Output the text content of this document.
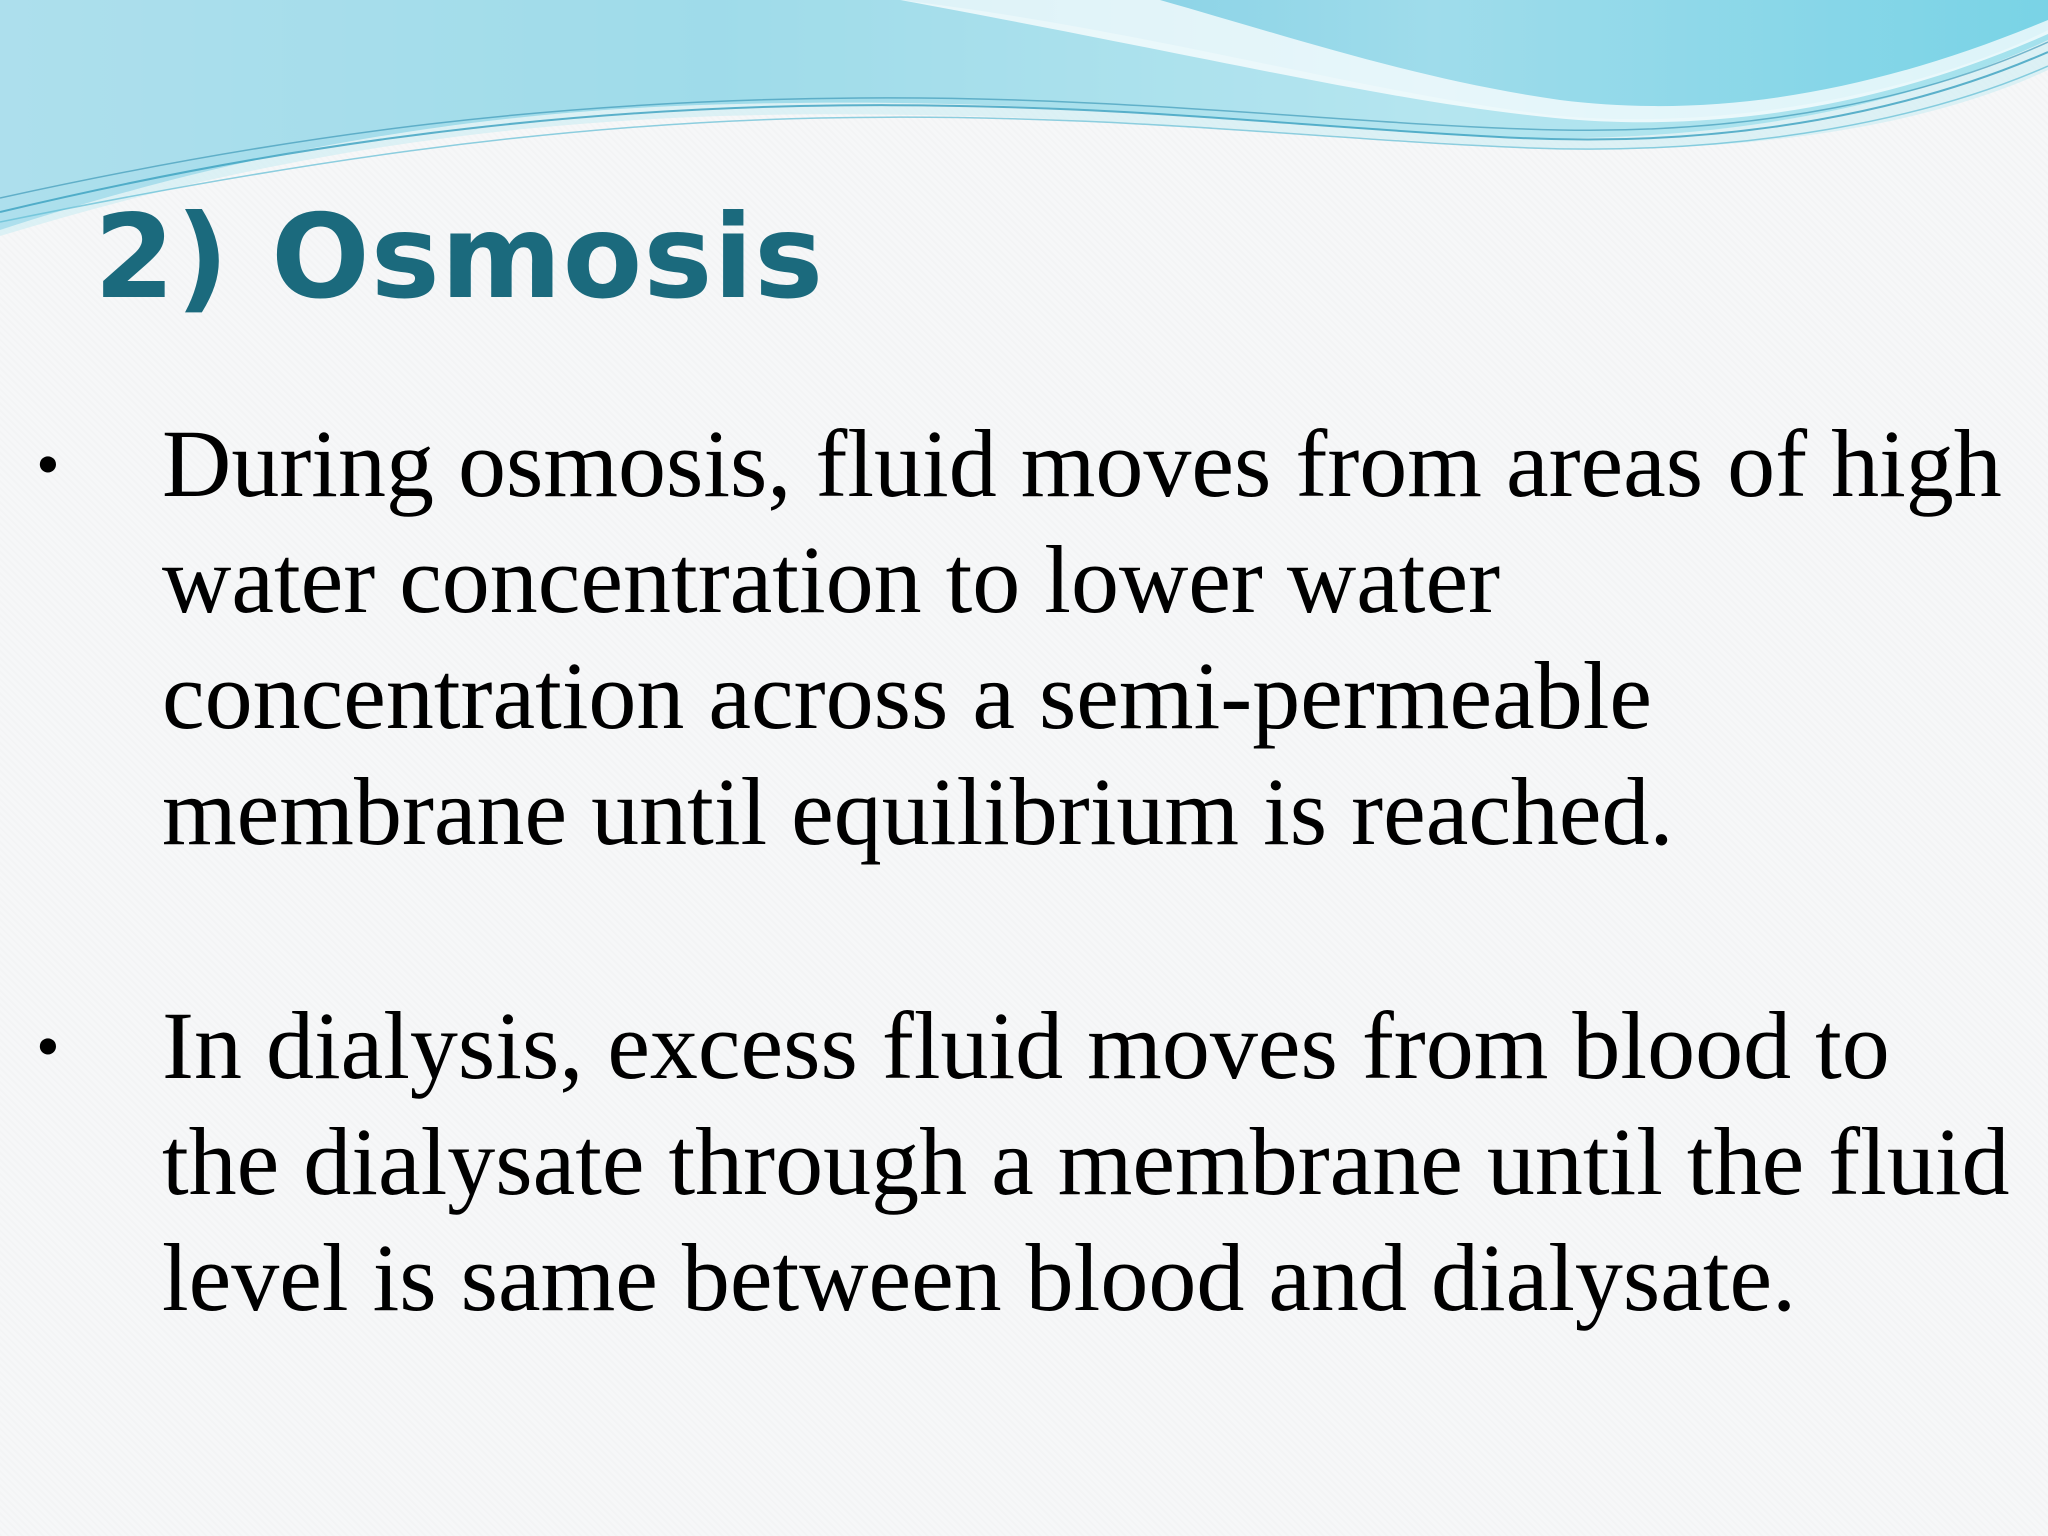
2) Osmosis
• During osmosis, fluid moves from areas of high water concentration to lower water concentration across a semi-permeable membrane until equilibrium is reached.

• In dialysis, excess fluid moves from blood to the dialysate through a membrane until the fluid level is same between blood and dialysate.
